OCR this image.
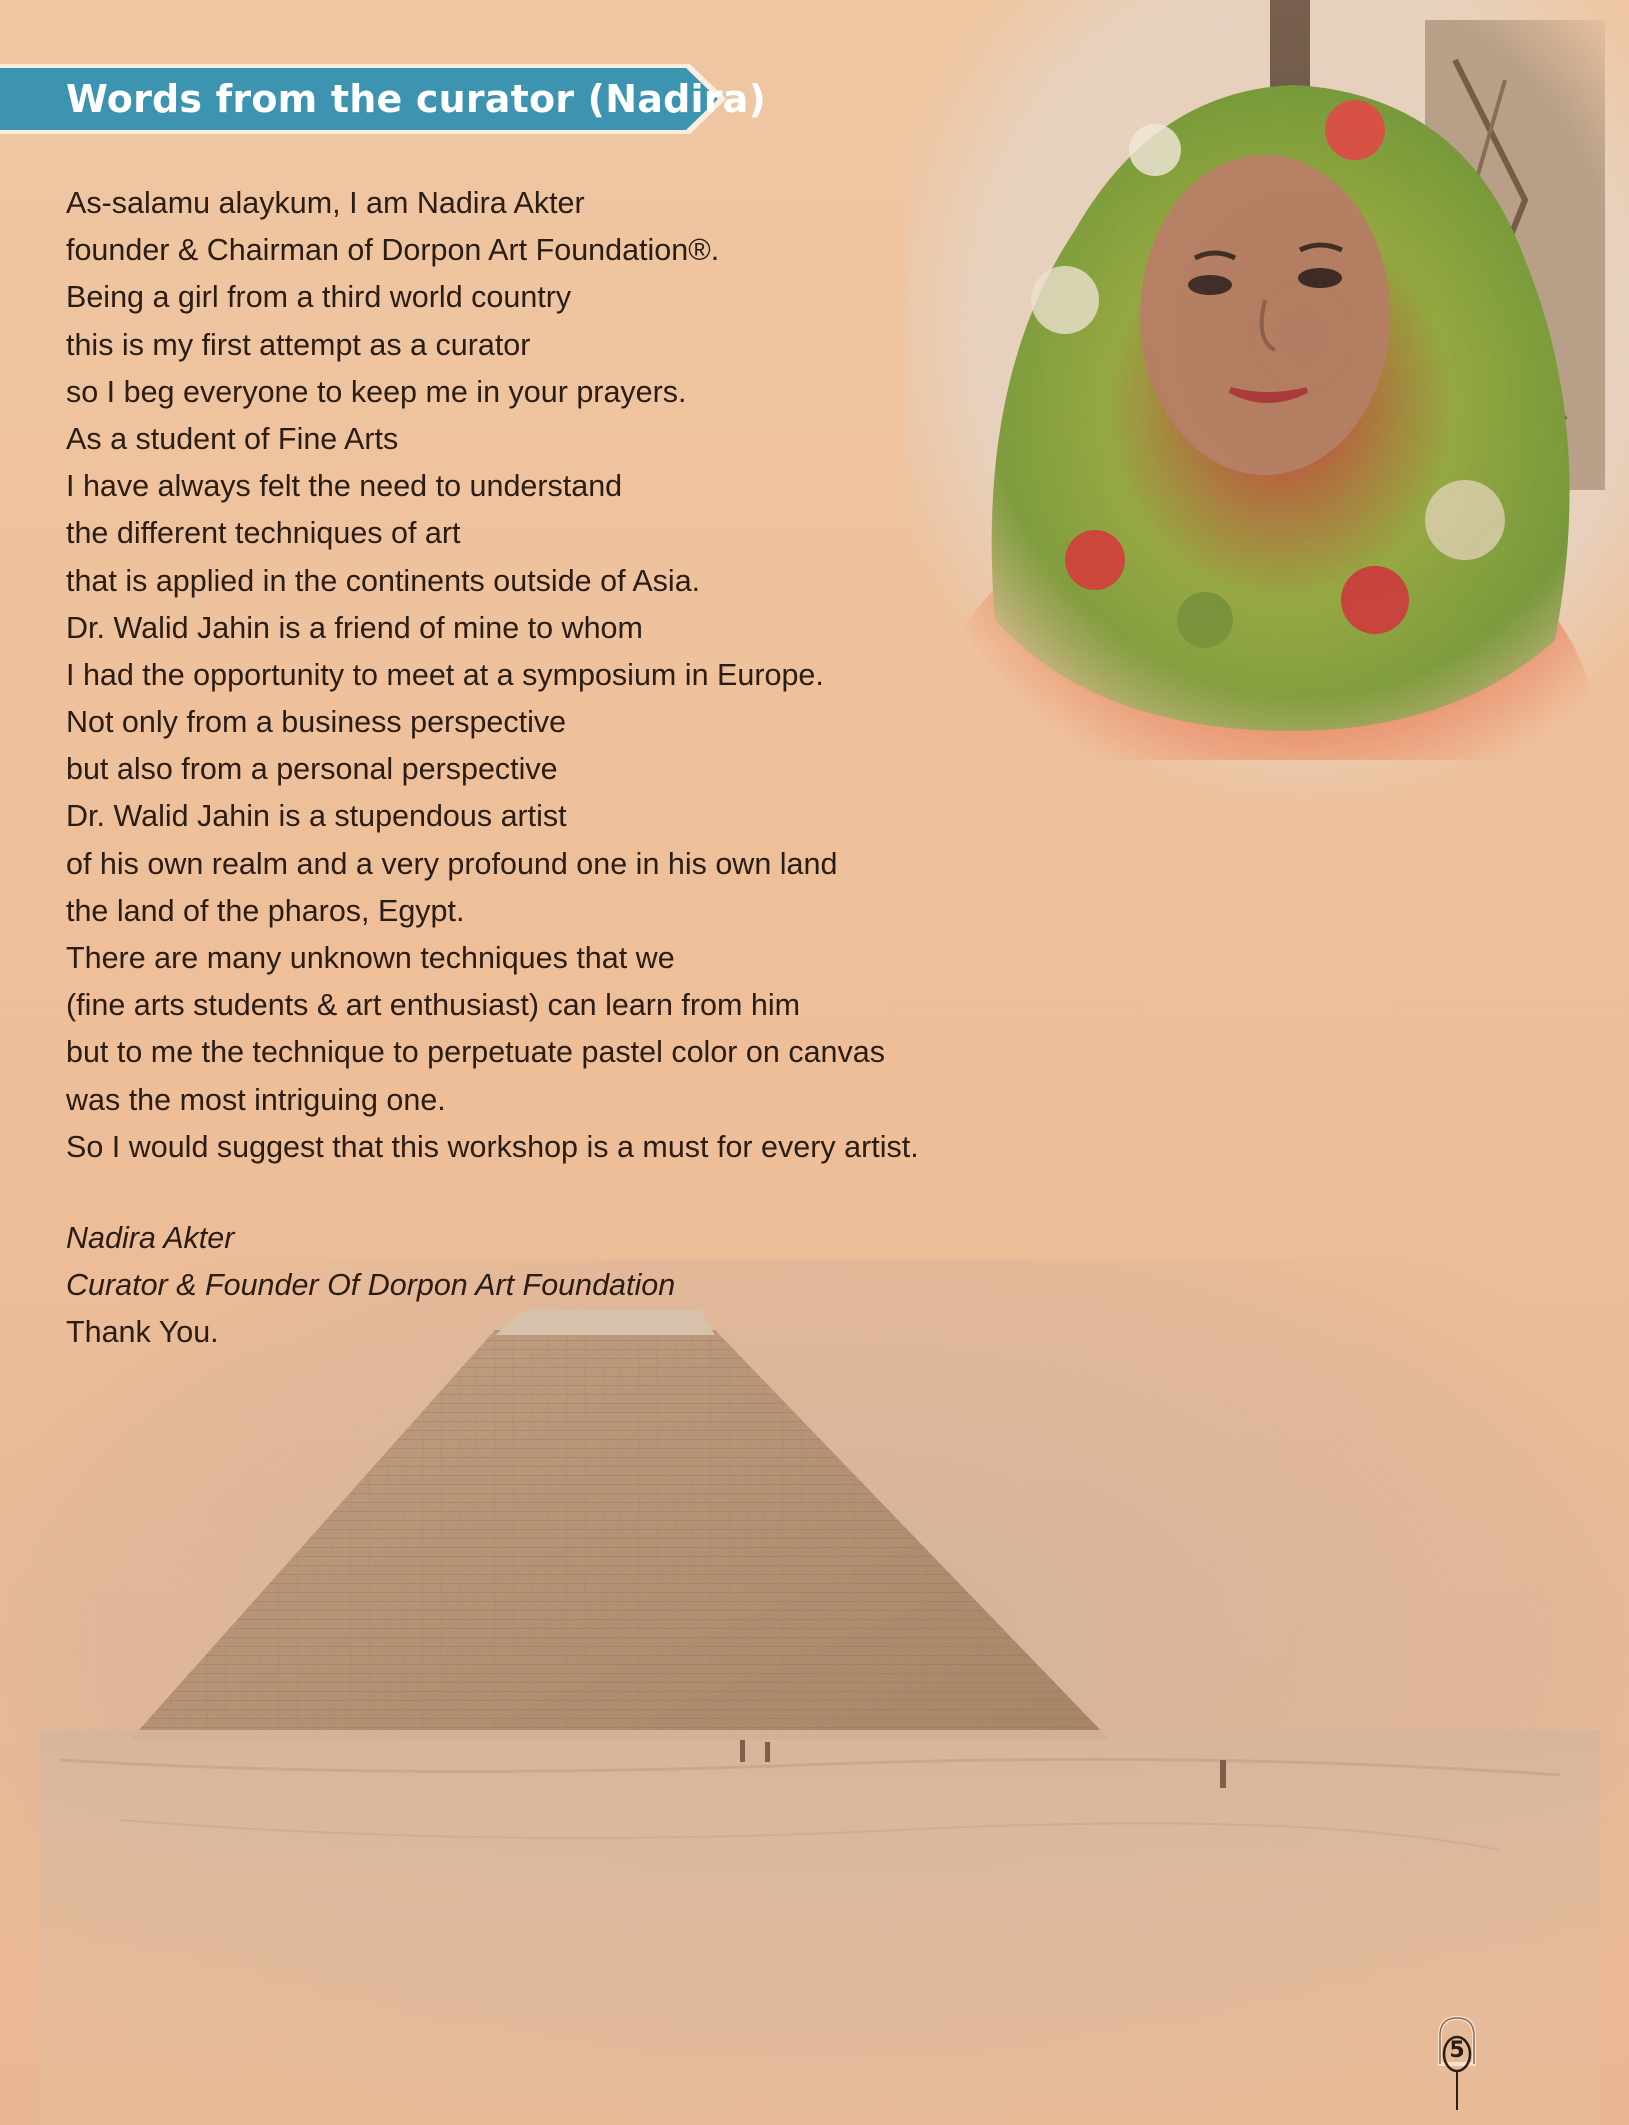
Words from the curator (Nadira)
As-salamu alaykum, I am Nadira Akter
founder & Chairman of Dorpon Art Foundation®.
Being a girl from a third world country
this is my first attempt as a curator
so I beg everyone to keep me in your prayers.
As a student of Fine Arts
I have always felt the need to understand
the different techniques of art
that is applied in the continents outside of Asia.
Dr. Walid Jahin is a friend of mine to whom
I had the opportunity to meet at a symposium in Europe.
Not only from a business perspective
but also from a personal perspective
Dr. Walid Jahin is a stupendous artist
of his own realm and a very profound one in his own land
the land of the pharos, Egypt.
There are many unknown techniques that we
(fine arts students & art enthusiast) can learn from him
but to me the technique to perpetuate pastel color on canvas
was the most intriguing one.
So I would suggest that this workshop is a must for every artist.
Nadira Akter
Curator & Founder Of Dorpon Art Foundation
Thank You.
5
